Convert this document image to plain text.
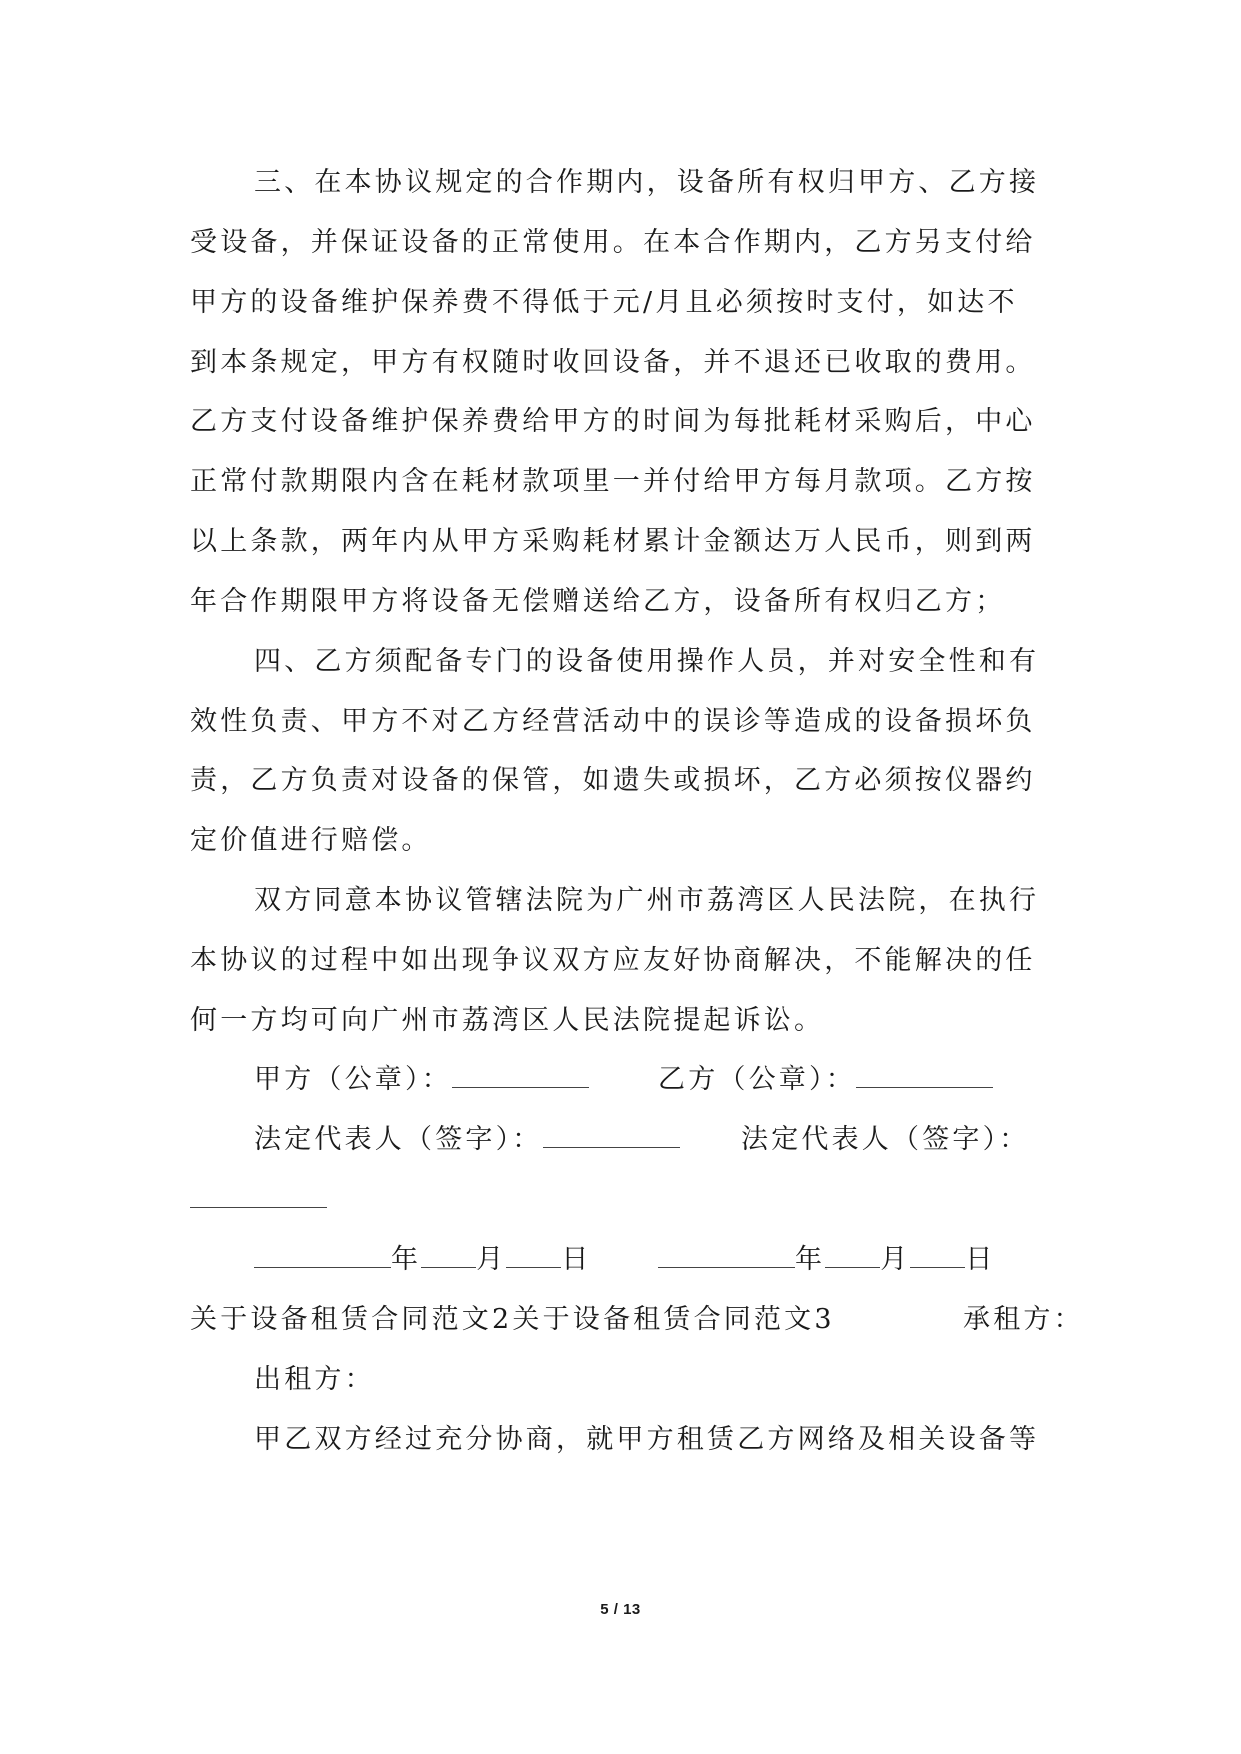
三、在本协议规定的合作期内，设备所有权归甲方、乙方接
受设备，并保证设备的正常使用。在本合作期内，乙方另支付给
甲方的设备维护保养费不得低于元/月且必须按时支付，如达不
到本条规定，甲方有权随时收回设备，并不退还已收取的费用。
乙方支付设备维护保养费给甲方的时间为每批耗材采购后，中心
正常付款期限内含在耗材款项里一并付给甲方每月款项。乙方按
以上条款，两年内从甲方采购耗材累计金额达万人民币，则到两
年合作期限甲方将设备无偿赠送给乙方，设备所有权归乙方；
四、乙方须配备专门的设备使用操作人员，并对安全性和有
效性负责、甲方不对乙方经营活动中的误诊等造成的设备损坏负
责，乙方负责对设备的保管，如遗失或损坏，乙方必须按仪器约
定价值进行赔偿。
双方同意本协议管辖法院为广州市荔湾区人民法院，在执行
本协议的过程中如出现争议双方应友好协商解决，不能解决的任
何一方均可向广州市荔湾区人民法院提起诉讼。
甲方（公章）：	乙方（公章）：
法定代表人（签字）：	法定代表人（签字）：
年 月 日	年 月 日
关于设备租赁合同范文2关于设备租赁合同范文3	承租方：
出租方：
甲乙双方经过充分协商，就甲方租赁乙方网络及相关设备等
5 / 13
